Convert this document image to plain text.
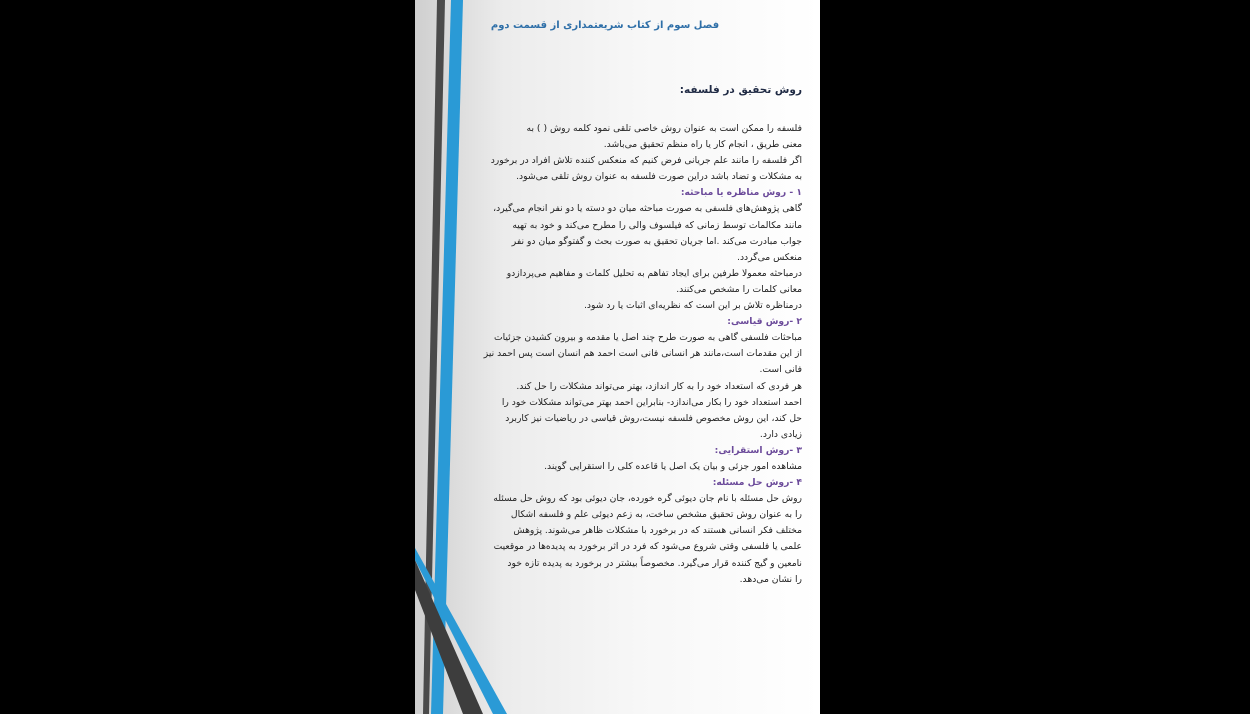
فصل سوم از کتاب شریعتمداری از قسمت دوم
روش تحقیق در فلسفه:

فلسفه را ممکن است به عنوان روش خاصی تلقی نمود کلمه روش ( ) به

معنی طریق ، انجام کار یا راه منظم تحقیق می‌باشد.

اگر فلسفه را مانند علم جریانی فرض کنیم که منعکس کننده تلاش افراد در برخورد

به مشکلات و تضاد باشد دراین صورت فلسفه به عنوان روش تلقی می‌شود.

۱ - روش مناظره یا مباحثه:

گاهی پژوهش‌های فلسفی به صورت مباحثه میان دو دسته یا دو نفر انجام می‌گیرد،

مانند مکالمات توسط زمانی که فیلسوف والی را مطرح می‌کند و خود به تهیه

جواب مبادرت می‌کند .اما جریان تحقیق به صورت بحث و گفتوگو میان دو نفر

منعکس می‌گردد.

درمباحثه معمولا طرفین برای ایجاد تفاهم به تحلیل کلمات و مفاهیم می‌پردازدو

معانی کلمات را مشخص می‌کنند.

درمناظره تلاش بر این است که نظریه‌ای اثبات یا رد شود.

۲ -روش قیاسی:

مباحثات فلسفی گاهی به صورت طرح چند اصل یا مقدمه و بیرون کشیدن جزئیات

از این مقدمات است،مانند هر انسانی فانی است احمد هم انسان است پس احمد نیز

فانی است.

هر فردی که استعداد خود را به کار اندازد، بهتر می‌تواند مشکلات را حل کند.

احمد استعداد خود را بکار می‌اندازد- بنابراین احمد بهتر می‌تواند مشکلات خود را

حل کند، این روش مخصوص فلسفه نیست،روش قیاسی در ریاضیات نیز کاربرد

زیادی دارد.

۳ -روش استقرایی:

مشاهده امور جزئی و بیان یک اصل یا قاعده کلی را استقرایی گویند.

۴ -روش حل مسئله:

روش حل مسئله با نام جان دیوئی گره خورده، جان دیوئی بود که روش حل مسئله

را به عنوان روش تحقیق مشخص ساخت، به زعم دیوئی علم و فلسفه اشکال

مختلف فکر انسانی هستند که در برخورد با مشکلات ظاهر می‌شوند. پژوهش

علمی یا فلسفی وقتی شروع می‌شود که فرد در اثر برخورد به پدیده‌ها در موقعیت

نامعین و گیج کننده قرار می‌گیرد. مخصوصاً بیشتر در برخورد به پدیده تازه خود

را نشان می‌دهد.
